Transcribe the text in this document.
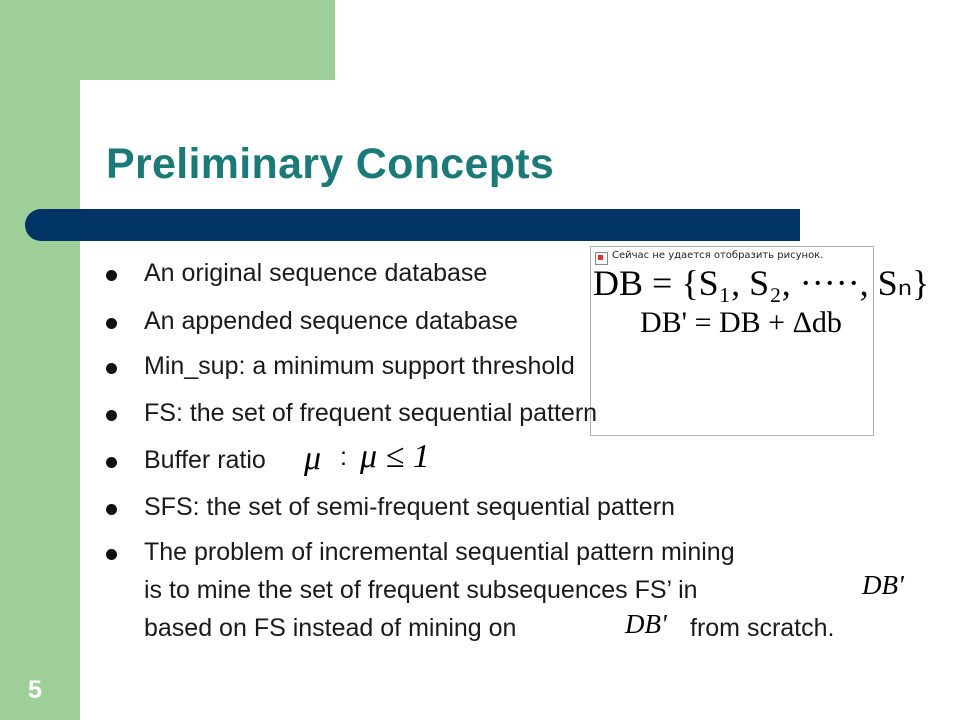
Preliminary Concepts
Сейчас не удается отобразить рисунок.
An original sequence database	DB = {S₁, S₂, ·····, Sₙ}
An appended sequence database	DB' = DB + Δdb
Min_sup: a minimum support threshold
FS: the set of frequent sequential pattern
Buffer ratio μ : μ ≤ 1
SFS: the set of semi-frequent sequential pattern
The problem of incremental sequential pattern mining
is to mine the set of frequent subsequences FS’ in
based on FS instead of mining on
DB'
DB' from scratch.
5
